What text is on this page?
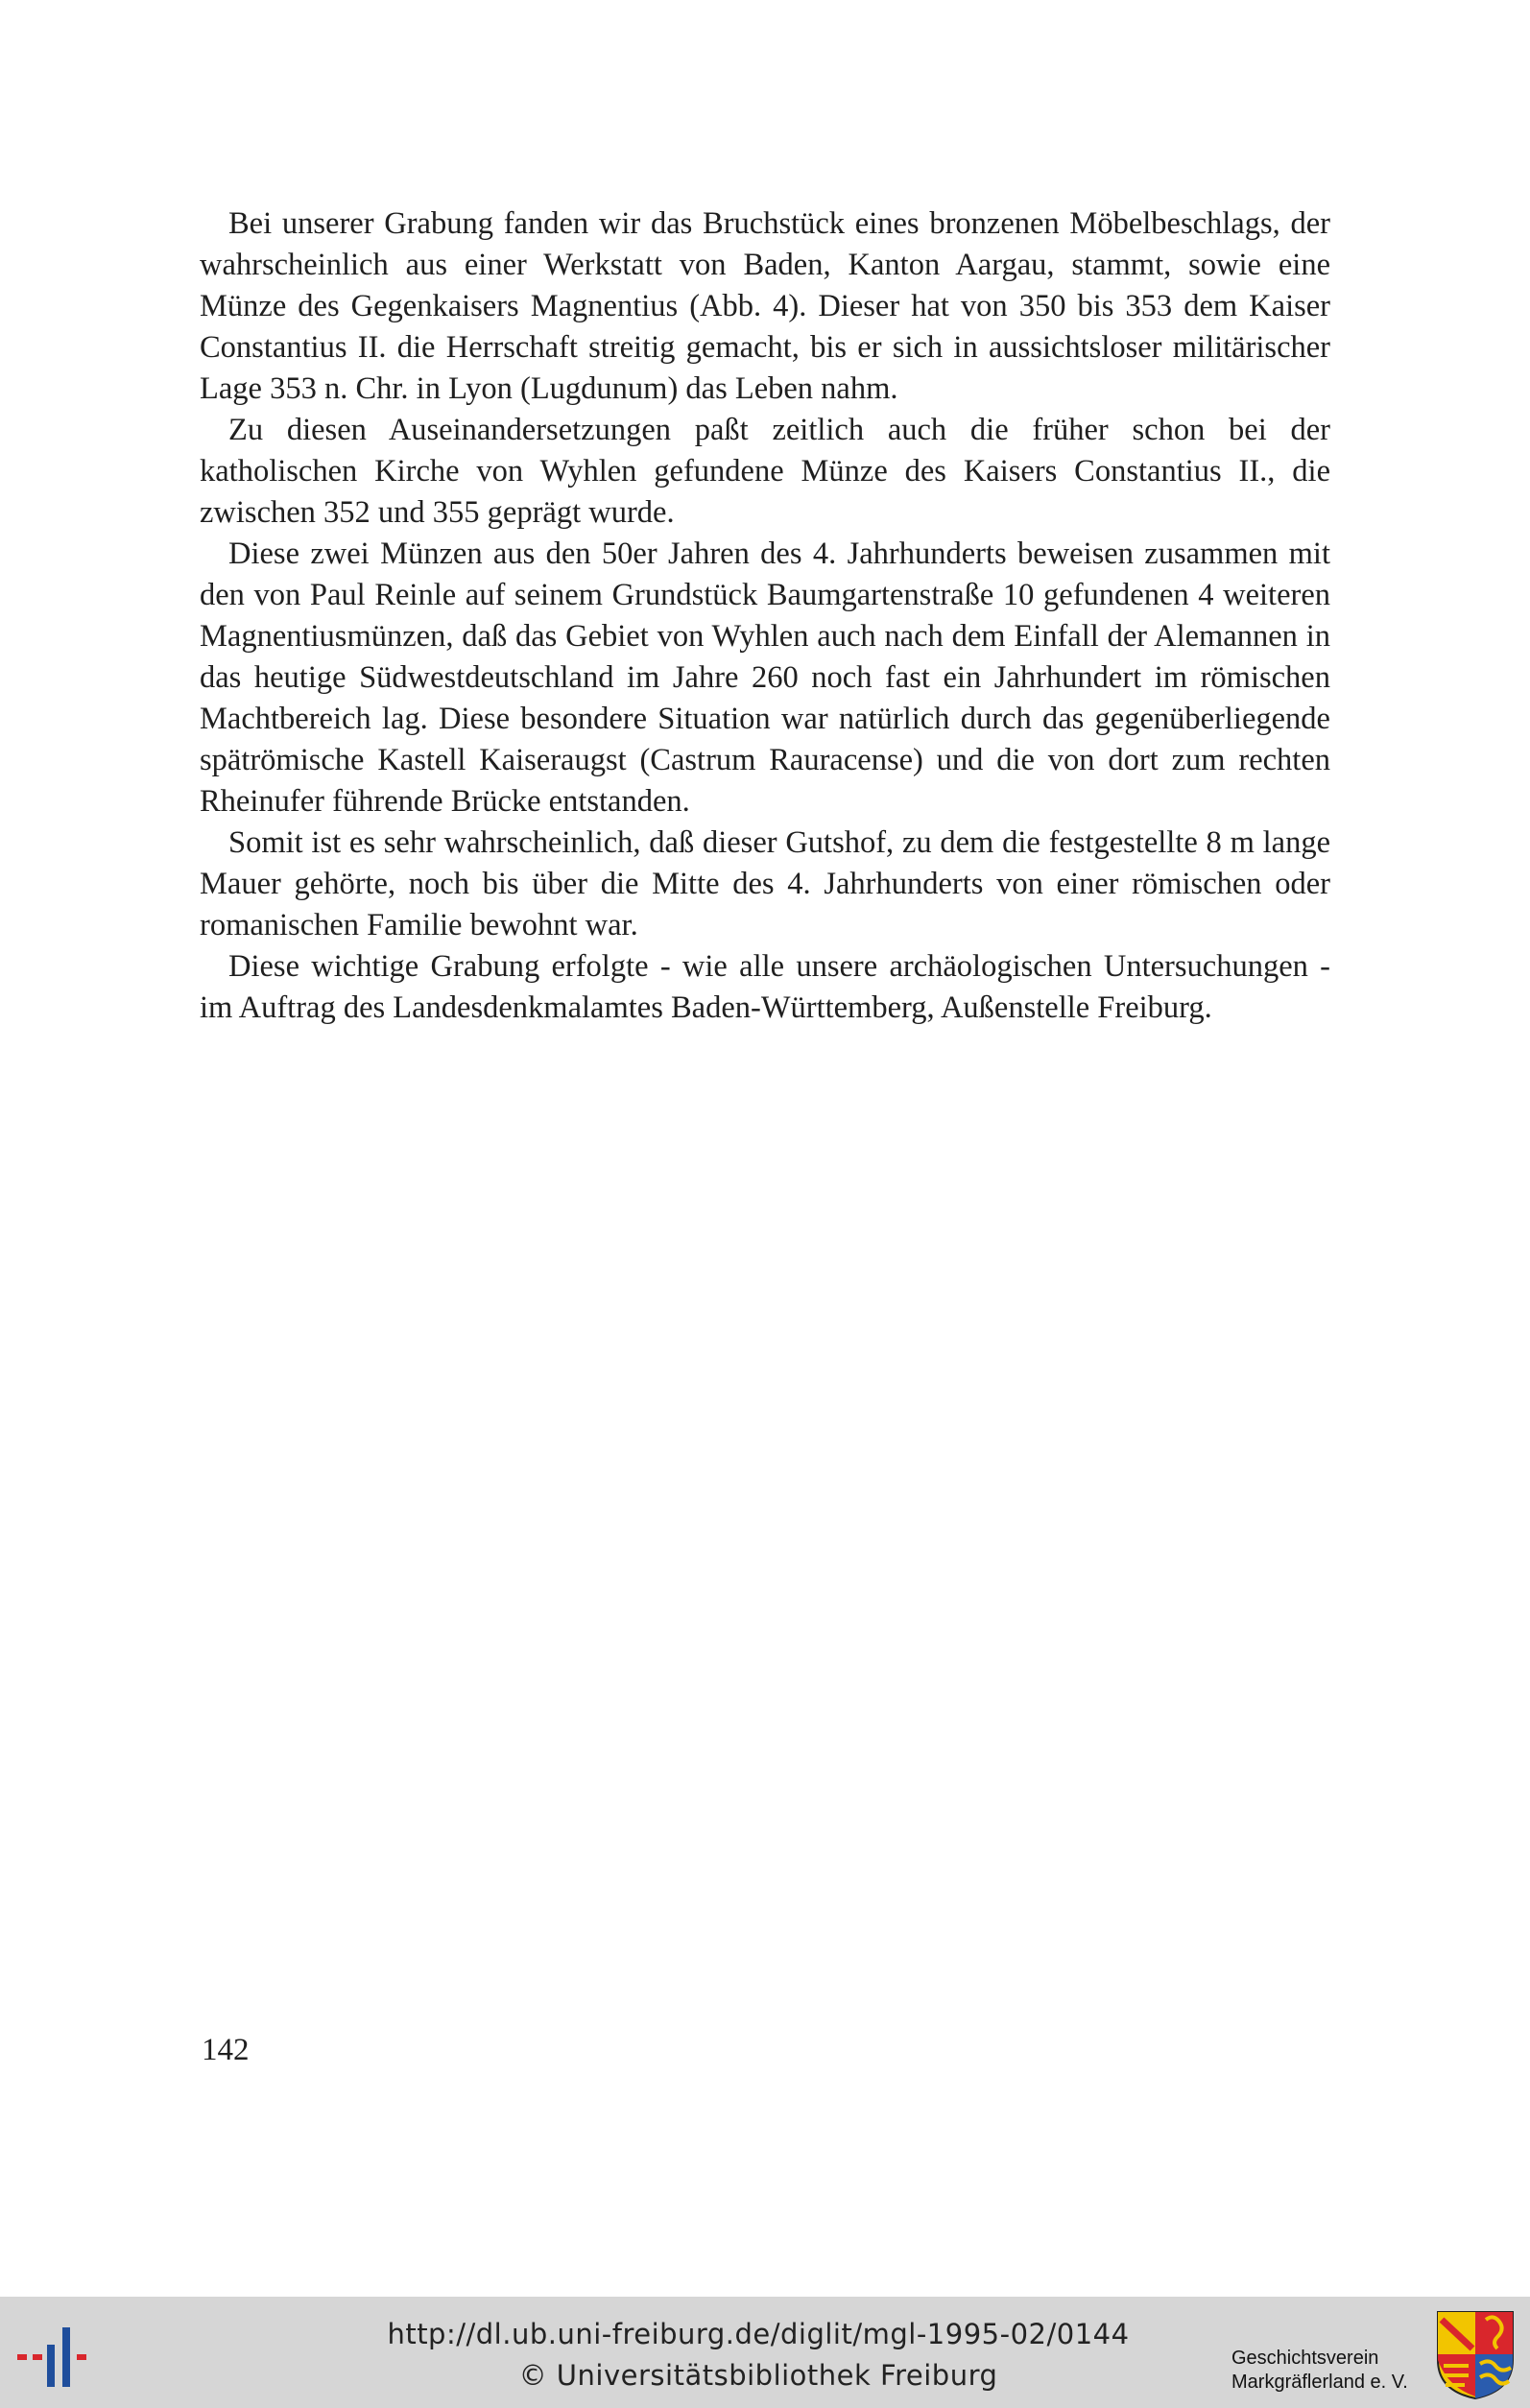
Bei unserer Grabung fanden wir das Bruchstück eines bronzenen Möbelbeschlags, der wahrscheinlich aus einer Werkstatt von Baden, Kanton Aargau, stammt, sowie eine Münze des Gegenkaisers Magnentius (Abb. 4). Dieser hat von 350 bis 353 dem Kaiser Constantius II. die Herrschaft streitig gemacht, bis er sich in aussichtsloser militärischer Lage 353 n. Chr. in Lyon (Lugdunum) das Leben nahm.

Zu diesen Auseinandersetzungen paßt zeitlich auch die früher schon bei der katholischen Kirche von Wyhlen gefundene Münze des Kaisers Constantius II., die zwischen 352 und 355 geprägt wurde.

Diese zwei Münzen aus den 50er Jahren des 4. Jahrhunderts beweisen zusammen mit den von Paul Reinle auf seinem Grundstück Baumgartenstraße 10 gefundenen 4 weiteren Magnentiusmünzen, daß das Gebiet von Wyhlen auch nach dem Einfall der Alemannen in das heutige Südwestdeutschland im Jahre 260 noch fast ein Jahrhundert im römischen Machtbereich lag. Diese besondere Situation war natürlich durch das gegenüberliegende spätrömische Kastell Kaiseraugst (Castrum Rauracense) und die von dort zum rechten Rheinufer führende Brücke entstanden.

Somit ist es sehr wahrscheinlich, daß dieser Gutshof, zu dem die festgestellte 8 m lange Mauer gehörte, noch bis über die Mitte des 4. Jahrhunderts von einer römischen oder romanischen Familie bewohnt war.

Diese wichtige Grabung erfolgte - wie alle unsere archäologischen Untersuchungen - im Auftrag des Landesdenkmalamtes Baden-Württemberg, Außenstelle Freiburg.

142
http://dl.ub.uni-freiburg.de/diglit/mgl-1995-02/0144
© Universitätsbibliothek Freiburg
Geschichtsverein
Markgräflerland e. V.
